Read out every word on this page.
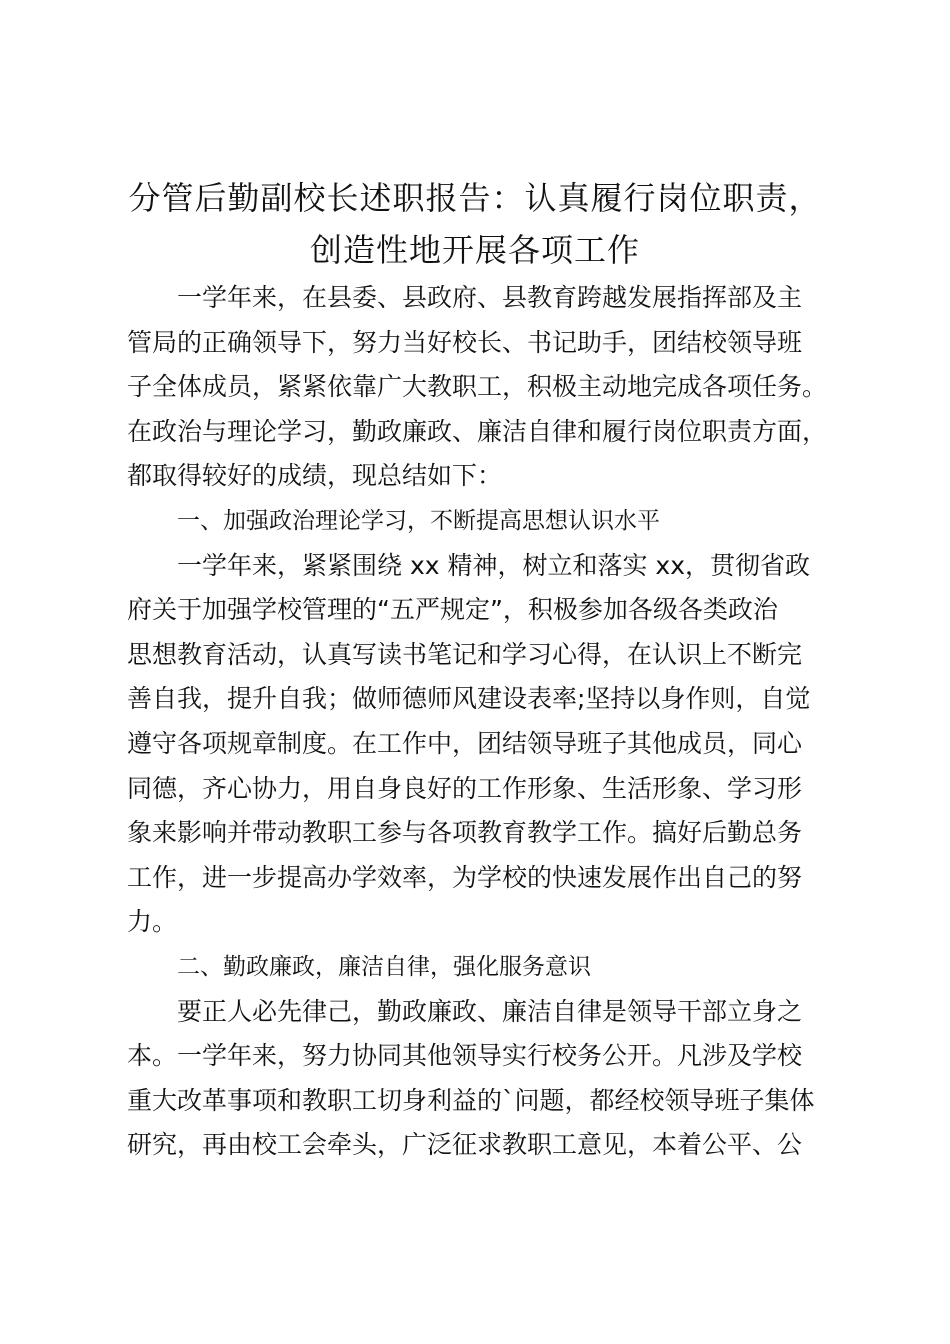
分管后勤副校长述职报告：认真履行岗位职责，
创造性地开展各项工作
一学年来，在县委、县政府、县教育跨越发展指挥部及主
管局的正确领导下，努力当好校长、书记助手，团结校领导班
子全体成员，紧紧依靠广大教职工，积极主动地完成各项任务。
在政治与理论学习，勤政廉政、廉洁自律和履行岗位职责方面，
都取得较好的成绩，现总结如下：
一、加强政治理论学习，不断提高思想认识水平
一学年来，紧紧围绕 xx 精神，树立和落实 xx，贯彻省政
府关于加强学校管理的“五严规定”，积极参加各级各类政治
思想教育活动，认真写读书笔记和学习心得，在认识上不断完
善自我，提升自我；做师德师风建设表率;坚持以身作则，自觉
遵守各项规章制度。在工作中，团结领导班子其他成员，同心
同德，齐心协力，用自身良好的工作形象、生活形象、学习形
象来影响并带动教职工参与各项教育教学工作。搞好后勤总务
工作，进一步提高办学效率，为学校的快速发展作出自己的努
力。
二、勤政廉政，廉洁自律，强化服务意识
要正人必先律己，勤政廉政、廉洁自律是领导干部立身之
本。一学年来，努力协同其他领导实行校务公开。凡涉及学校
重大改革事项和教职工切身利益的`问题，都经校领导班子集体
研究，再由校工会牵头，广泛征求教职工意见，本着公平、公
